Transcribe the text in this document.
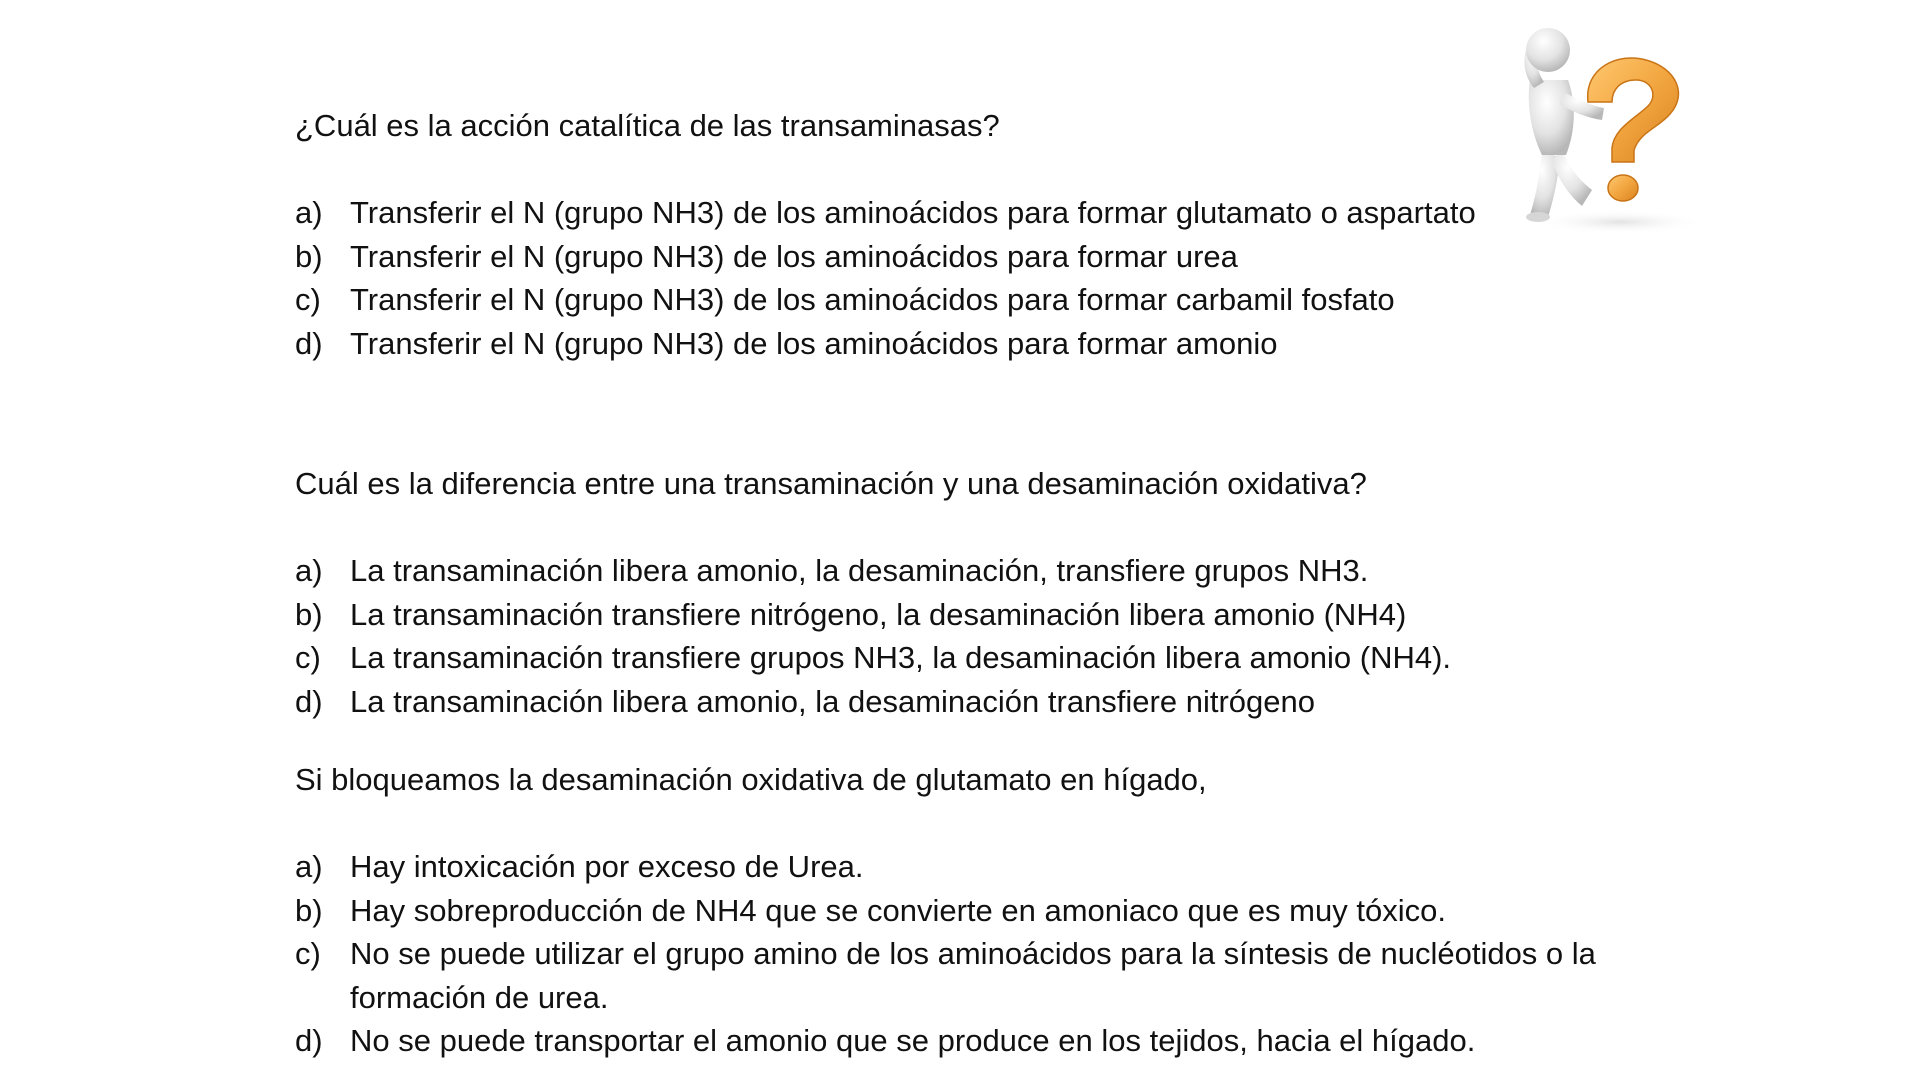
¿Cuál es la acción catalítica de las transaminasas?

a) Transferir el N (grupo NH3) de los aminoácidos para formar glutamato o aspartato
b) Transferir el N (grupo NH3) de los aminoácidos para formar urea
c) Transferir el N (grupo NH3) de los aminoácidos para formar carbamil fosfato
d) Transferir el N (grupo NH3) de los aminoácidos para formar amonio

Cuál es la diferencia entre una transaminación y una desaminación oxidativa?

a) La transaminación libera amonio, la desaminación, transfiere grupos NH3.
b) La transaminación transfiere nitrógeno, la desaminación libera amonio (NH4)
c) La transaminación transfiere grupos NH3, la desaminación libera amonio (NH4).
d) La transaminación libera amonio, la desaminación transfiere nitrógeno

Si bloqueamos la desaminación oxidativa de glutamato en hígado,

a) Hay intoxicación por exceso de Urea.
b) Hay sobreproducción de NH4 que se convierte en amoniaco que es muy tóxico.
c) No se puede utilizar el grupo amino de los aminoácidos para la síntesis de nucléotidos o la formación de urea.
d) No se puede transportar el amonio que se produce en los tejidos, hacia el hígado.
